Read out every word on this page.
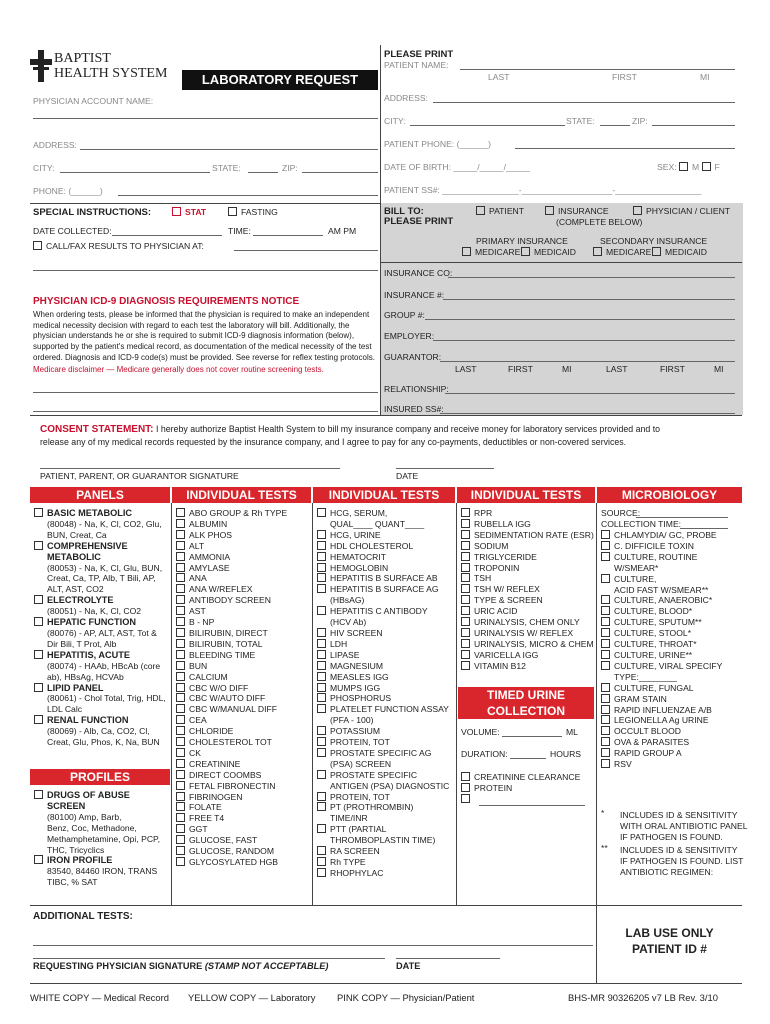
BAPTIST
HEALTH SYSTEM	LABORATORY REQUEST
PHYSICIAN ACCOUNT NAME:
ADDRESS:
CITY:	STATE:	ZIP:
PHONE: (______)
PLEASE PRINT
PATIENT NAME:
LAST	FIRST	MI
ADDRESS:
CITY:	STATE:	ZIP:
PATIENT PHONE: (______)
DATE OF BIRTH: _____/_____/_____	SEX: M F
PATIENT SS#: ________________-___________________-__________________
SPECIAL INSTRUCTIONS:	STAT	FASTING
DATE COLLECTED:	TIME:	AM PM
CALL/FAX RESULTS TO PHYSICIAN AT:
PHYSICIAN ICD-9 DIAGNOSIS REQUIREMENTS NOTICE
When ordering tests, please be informed that the physician is required to make an independent
medical necessity decision with regard to each test the laboratory will bill. Additionally, the
physician understands he or she is required to submit ICD-9 diagnosis information (below),
supported by the patient's medical record, as documentation of the medical necessity of the test
ordered. Diagnosis and ICD-9 code(s) must be provided. See reverse for reflex testing protocols.
Medicare disclaimer — Medicare generally does not cover routine screening tests.
BILL TO:
PLEASE PRINT
PATIENT	INSURANCE
(COMPLETE BELOW)
PHYSICIAN / CLIENT
PRIMARY INSURANCE
MEDICARE	MEDICAID
SECONDARY INSURANCE
MEDICARE	MEDICAID
INSURANCE CO:
INSURANCE #:
GROUP #:
EMPLOYER:
GUARANTOR:
LAST	FIRST	MI	LAST	FIRST	MI
RELATIONSHIP:
INSURED SS#:
CONSENT STATEMENT: I hereby authorize Baptist Health System to bill my insurance company and receive money for laboratory services provided and to
release any of my medical records requested by the insurance company, and I agree to pay for any co-payments, deductibles or non-covered services.
PATIENT, PARENT, OR GUARANTOR SIGNATURE	DATE
PANELS	INDIVIDUAL TESTS	INDIVIDUAL TESTS	INDIVIDUAL TESTS	MICROBIOLOGY
BASIC METABOLIC
(80048) - Na, K, Cl, CO2, Glu,
BUN, Creat, Ca
COMPREHENSIVE
METABOLIC
(80053) - Na, K, Cl, Glu, BUN,
Creat, Ca, TP, Alb, T Bili, AP,
ALT, AST, CO2
ELECTROLYTE
(80051) - Na, K, Cl, CO2
HEPATIC FUNCTION
(80076) - AP, ALT, AST, Tot &
Dir Bili, T Prot, Alb
HEPATITIS, ACUTE
(80074) - HAAb, HBcAb (core
ab), HBsAg, HCVAb
LIPID PANEL
(80061) - Chol Total, Trig, HDL,
LDL Calc
RENAL FUNCTION
(80069) - Alb, Ca, CO2, Cl,
Creat, Glu, Phos, K, Na, BUN
PROFILES
DRUGS OF ABUSE
SCREEN
(80100) Amp, Barb,
Benz, Coc, Methadone,
Methamphetamine, Opi, PCP,
THC, Tricyclics
IRON PROFILE
83540, 84460 IRON, TRANS
TIBC, % SAT
ABO GROUP & Rh TYPE
ALBUMIN
ALK PHOS
ALT
AMMONIA
AMYLASE
ANA
ANA W/REFLEX
ANTIBODY SCREEN
AST
B - NP
BILIRUBIN, DIRECT
BILIRUBIN, TOTAL
BLEEDING TIME
BUN
CALCIUM
CBC W/O DIFF
CBC W/AUTO DIFF
CBC W/MANUAL DIFF
CEA
CHLORIDE
CHOLESTEROL TOT
CK
CREATININE
DIRECT COOMBS
FETAL FIBRONECTIN
FIBRINOGEN
FOLATE
FREE T4
GGT
GLUCOSE, FAST
GLUCOSE, RANDOM
GLYCOSYLATED HGB
HCG, SERUM,
QUAL____ QUANT____
HCG, URINE
HDL CHOLESTEROL
HEMATOCRIT
HEMOGLOBIN
HEPATITIS B SURFACE AB
HEPATITIS B SURFACE AG
(HBsAG)
HEPATITIS C ANTIBODY
(HCV Ab)
HIV SCREEN
LDH
LIPASE
MAGNESIUM
MEASLES IGG
MUMPS IGG
PHOSPHORUS
PLATELET FUNCTION ASSAY
(PFA - 100)
POTASSIUM
PROTEIN, TOT
PROSTATE SPECIFIC AG
(PSA) SCREEN
PROSTATE SPECIFIC
ANTIGEN (PSA) DIAGNOSTIC
PROTEIN, TOT
PT (PROTHROMBIN)
TIME/INR
PTT (PARTIAL
THROMBOPLASTIN TIME)
RA SCREEN
Rh TYPE
RHOPHYLAC
RPR
RUBELLA IGG
SEDIMENTATION RATE (ESR)
SODIUM
TRIGLYCERIDE
TROPONIN
TSH
TSH W/ REFLEX
TYPE & SCREEN
URIC ACID
URINALYSIS, CHEM ONLY
URINALYSIS W/ REFLEX
URINALYSIS, MICRO & CHEM
VARICELLA IGG
VITAMIN B12
TIMED URINE
COLLECTION
VOLUME:	ML
DURATION:	HOURS
CREATININE CLEARANCE
PROTEIN
SOURCE:
COLLECTION TIME:
CHLAMYDIA/ GC, PROBE
C. DIFFICILE TOXIN
CULTURE, ROUTINE
W/SMEAR*
CULTURE,
ACID FAST W/SMEAR**
CULTURE, ANAEROBIC*
CULTURE, BLOOD*
CULTURE, SPUTUM**
CULTURE, STOOL*
CULTURE, THROAT*
CULTURE, URINE**
CULTURE, VIRAL SPECIFY
TYPE:________
CULTURE, FUNGAL
GRAM STAIN
RAPID INFLUENZAE A/B
LEGIONELLA Ag URINE
OCCULT BLOOD
OVA & PARASITES
RAPID GROUP A
RSV
* INCLUDES ID & SENSITIVITY
WITH ORAL ANTIBIOTIC PANEL
IF PATHOGEN IS FOUND.
** INCLUDES ID & SENSITIVITY
IF PATHOGEN IS FOUND. LIST
ANTIBIOTIC REGIMEN:
ADDITIONAL TESTS:
LAB USE ONLY
PATIENT ID #
REQUESTING PHYSICIAN SIGNATURE (STAMP NOT ACCEPTABLE)	DATE
WHITE COPY — Medical Record YELLOW COPY — Laboratory PINK COPY — Physician/Patient	BHS-MR 90326205 v7 LB Rev. 3/10
